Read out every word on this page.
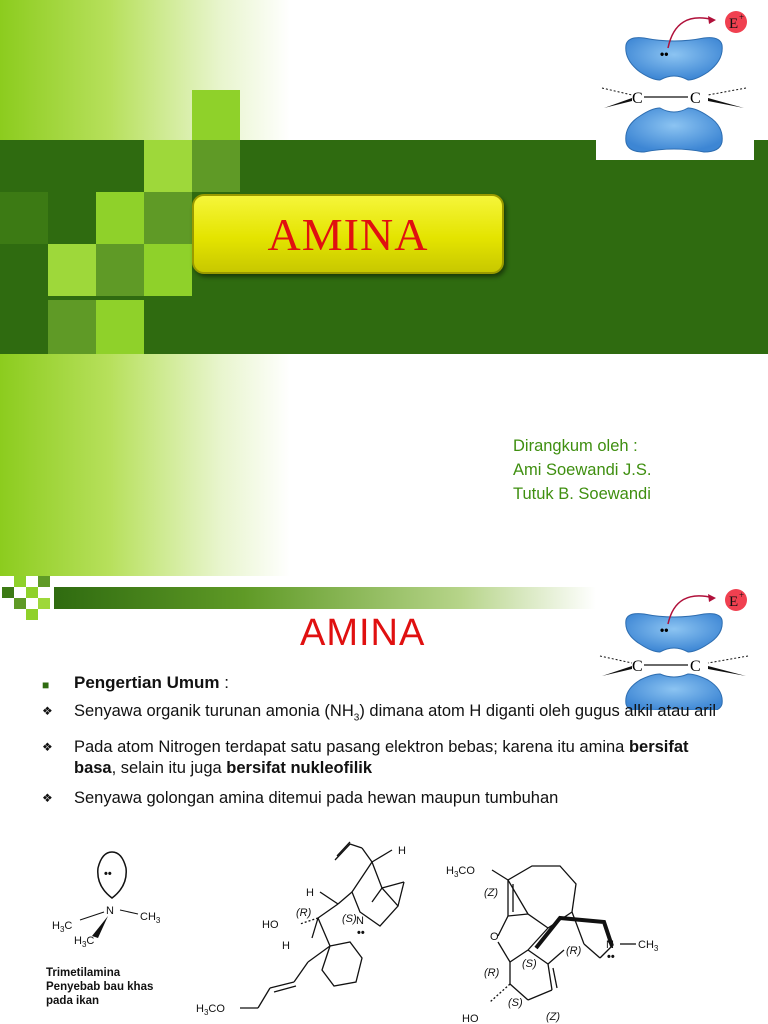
AMINA
C	C
••
E +
Dirangkum oleh :
Ami Soewandi J.S.
Tutuk B. Soewandi
AMINA
C	C
••
E +
■ Pengertian Umum :
❖ Senyawa organik turunan amonia $(NH_3)$ dimana atom H diganti oleh gugus alkil atau aril
❖ Pada atom Nitrogen terdapat satu pasang elektron bebas; karena itu amina bersifat basa, selain itu juga bersifat nukleofilik
❖ Senyawa golongan amina ditemui pada hewan maupun tumbuhan
••
N $CH_3$
$H_3C$
$H_3C$
H
H
H
(R)	(S)
HO	N
••
$H_3CO$
$H_3CO$
(Z)
O
(R)
(S)
(R)
(S)
(Z)
N
••
$CH_3$
HO
Trimetilamina
Penyebab bau khas
pada ikan
